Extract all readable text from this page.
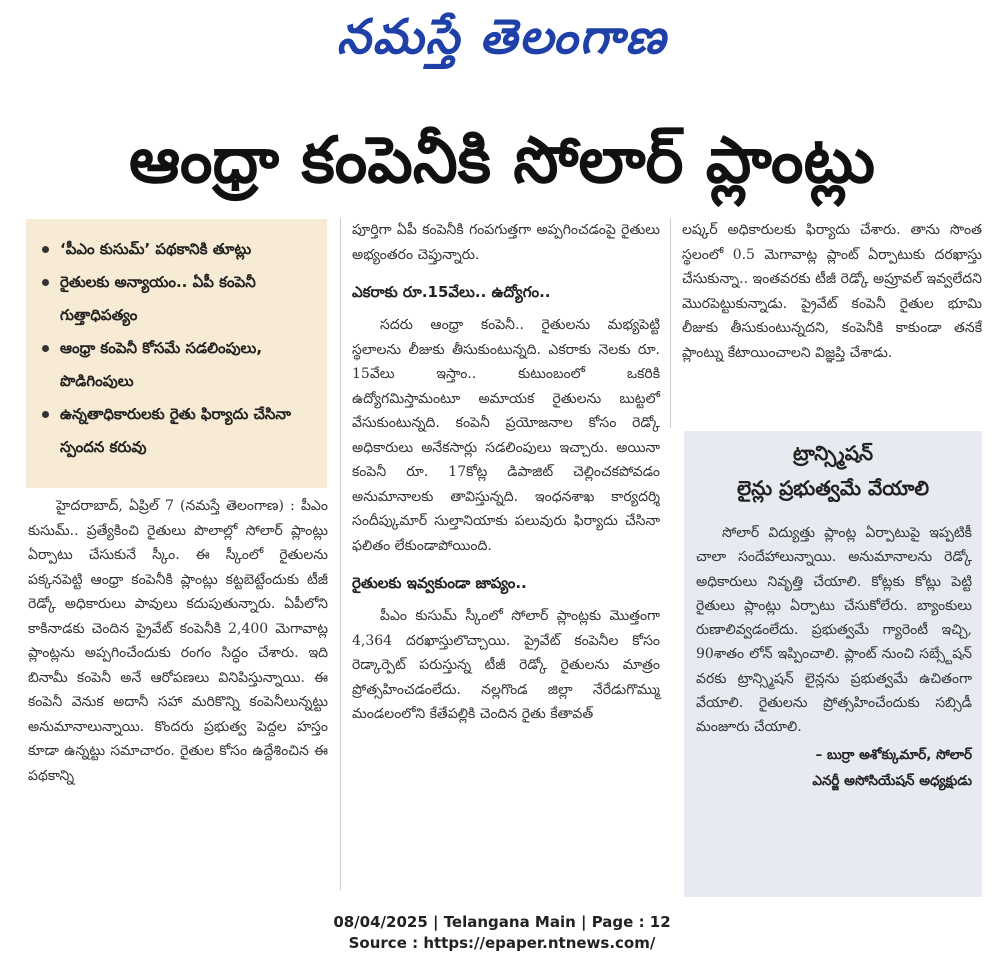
నమస్తే తెలంగాణ
ఆంధ్రా కంపెనీకి సోలార్ ప్లాంట్లు
‘పీఎం కుసుమ్’ పథకానికి తూట్లు
రైతులకు అన్యాయం.. ఏపీ కంపెనీ గుత్తాధిపత్యం
ఆంధ్రా కంపెనీ కోసమే సడలింపులు, పొడిగింపులు
ఉన్నతాధికారులకు రైతు ఫిర్యాదు చేసినా స్పందన కరువు

హైదరాబాద్, ఏప్రిల్ 7 (నమస్తే తెలంగాణ) : పీఎం కుసుమ్.. ప్రత్యేకించి రైతులు పొలాల్లో సోలార్ ప్లాంట్లు ఏర్పాటు చేసుకునే స్కీం. ఈ స్కీంలో రైతులను పక్కనపెట్టి ఆంధ్రా కంపెనీకి ప్లాంట్లు కట్టబెట్టేందుకు టీజీ రెడ్కో అధికారులు పావులు కదుపుతున్నారు. ఏపీలోని కాకినాడకు చెందిన ప్రైవేట్ కంపెనీకి 2,400 మెగావాట్ల ప్లాంట్లను అప్పగించేందుకు రంగం సిద్ధం చేశారు. ఇది బినామీ కంపెనీ అనే ఆరోపణలు వినిపిస్తున్నాయి. ఈ కంపెనీ వెనుక అదానీ సహా మరికొన్ని కంపెనీలున్నట్టు అనుమానాలున్నాయి. కొందరు ప్రభుత్వ పెద్దల హస్తం కూడా ఉన్నట్టు సమాచారం. రైతుల కోసం ఉద్దేశించిన ఈ పథకాన్ని

పూర్తిగా ఏపీ కంపెనీకి గంపగుత్తగా అప్పగించడంపై రైతులు అభ్యంతరం చెప్తున్నారు.

ఎకరాకు రూ.15వేలు.. ఉద్యోగం..

సదరు ఆంధ్రా కంపెనీ.. రైతులను మభ్యపెట్టి స్థలాలను లీజుకు తీసుకుంటున్నది. ఎకరాకు నెలకు రూ. 15వేలు ఇస్తాం.. కుటుంబంలో ఒకరికి ఉద్యోగమిస్తామంటూ అమాయక రైతులను బుట్టలో వేసుకుంటున్నది. కంపెనీ ప్రయోజనాల కోసం రెడ్కో అధికారులు అనేకసార్లు సడలింపులు ఇచ్చారు. అయినా కంపెనీ రూ. 17కోట్ల డిపాజిట్ చెల్లించకపోవడం అనుమానాలకు తావిస్తున్నది. ఇంధనశాఖ కార్యదర్శి సందీప్కుమార్ సుల్తానియాకు పలువురు ఫిర్యాదు చేసినా ఫలితం లేకుండాపోయింది.

రైతులకు ఇవ్వకుండా జాప్యం..

పీఎం కుసుమ్ స్కీంలో సోలార్ ప్లాంట్లకు మొత్తంగా 4,364 దరఖాస్తులొచ్చాయి. ప్రైవేట్ కంపెనీల కోసం రెడ్కార్పెట్ పరుస్తున్న టీజీ రెడ్కో రైతులను మాత్రం ప్రోత్సహించడంలేదు. నల్లగొండ జిల్లా నేరేడుగొమ్ము మండలంలోని కేతేపల్లికి చెందిన రైతు కేతావత్

లష్కర్ అధికారులకు ఫిర్యాదు చేశారు. తాను సొంత స్థలంలో 0.5 మెగావాట్ల ప్లాంట్ ఏర్పాటుకు దరఖాస్తు చేసుకున్నా.. ఇంతవరకు టీజీ రెడ్కో అప్రూవల్ ఇవ్వలేదని మొరపెట్టుకున్నాడు. ప్రైవేట్ కంపెనీ రైతుల భూమి లీజుకు తీసుకుంటున్నదని, కంపెనీకి కాకుండా తనకే ప్లాంట్ను కేటాయించాలని విజ్ఞప్తి చేశాడు.

ట్రాన్స్మిషన్
లైన్లు ప్రభుత్వమే వేయాలి

సోలార్ విద్యుత్తు ప్లాంట్ల ఏర్పాటుపై ఇప్పటికీ చాలా సందేహాలున్నాయి. అనుమానాలను రెడ్కో అధికారులు నివృత్తి చేయాలి. కోట్లకు కోట్లు పెట్టి రైతులు ప్లాంట్లు ఏర్పాటు చేసుకోలేరు. బ్యాంకులు రుణాలివ్వడంలేదు. ప్రభుత్వమే గ్యారెంటీ ఇచ్చి, 90శాతం లోన్ ఇప్పించాలి. ప్లాంట్ నుంచి సబ్స్టేషన్ వరకు ట్రాన్స్మిషన్ లైన్లను ప్రభుత్వమే ఉచితంగా వేయాలి. రైతులను ప్రోత్సహించేందుకు సబ్సిడీ మంజూరు చేయాలి.

– బుర్రా అశోక్కుమార్, సోలార్
ఎనర్జీ అసోసియేషన్ అధ్యక్షుడు
08/04/2025 | Telangana Main | Page : 12
Source : https://epaper.ntnews.com/
